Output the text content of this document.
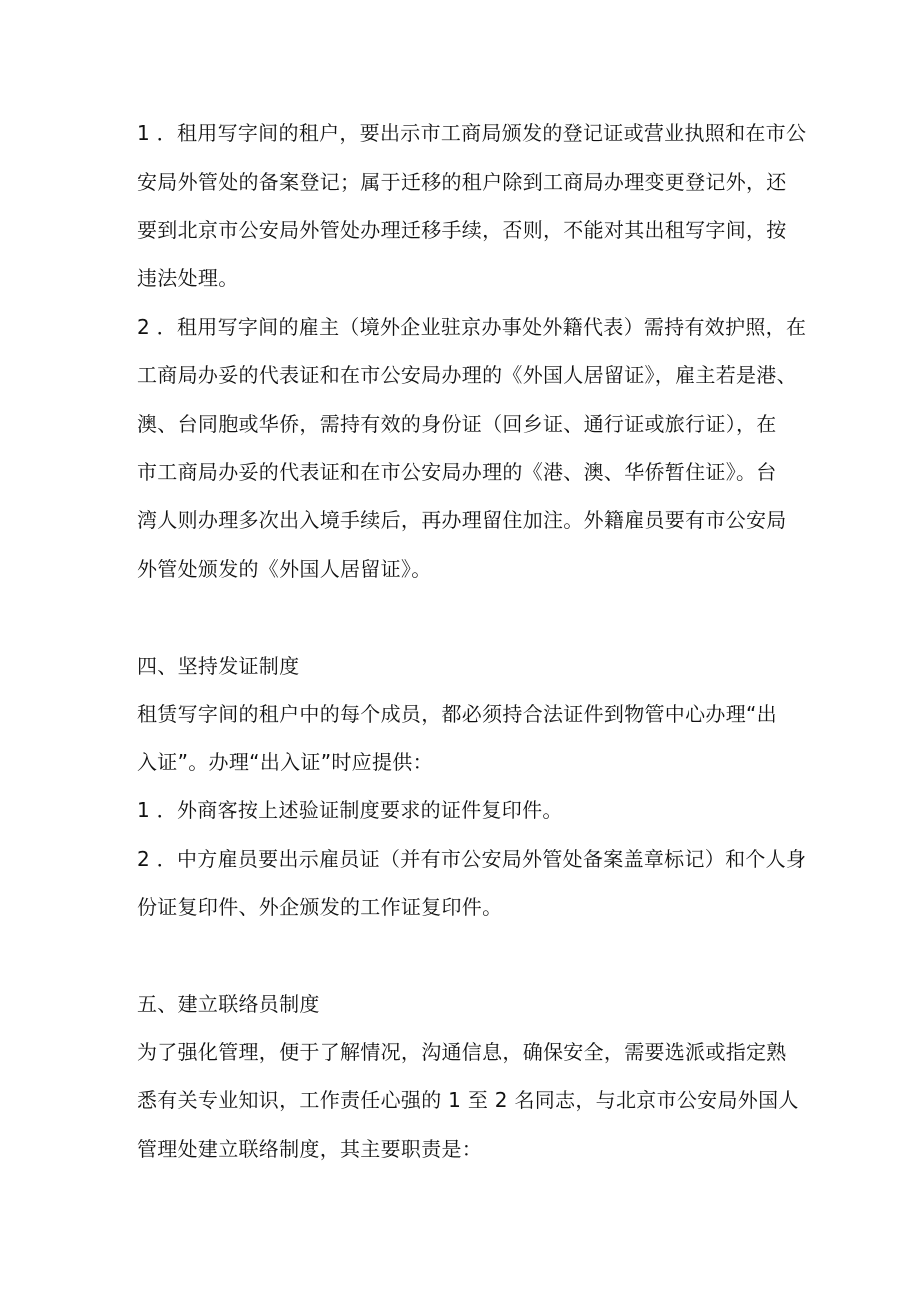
1 ．租用写字间的租户，要出示市工商局颁发的登记证或营业执照和在市公
安局外管处的备案登记；属于迁移的租户除到工商局办理变更登记外，还
要到北京市公安局外管处办理迁移手续，否则，不能对其出租写字间，按
违法处理。
2 ．租用写字间的雇主（境外企业驻京办事处外籍代表）需持有效护照，在
工商局办妥的代表证和在市公安局办理的《外国人居留证》，雇主若是港、
澳、台同胞或华侨，需持有效的身份证（回乡证、通行证或旅行证），在
市工商局办妥的代表证和在市公安局办理的《港、澳、华侨暂住证》。台
湾人则办理多次出入境手续后，再办理留住加注。外籍雇员要有市公安局
外管处颁发的《外国人居留证》。
四、坚持发证制度
租赁写字间的租户中的每个成员，都必须持合法证件到物管中心办理“出
入证”。办理“出入证”时应提供：
1 ．外商客按上述验证制度要求的证件复印件。
2 ．中方雇员要出示雇员证（并有市公安局外管处备案盖章标记）和个人身
份证复印件、外企颁发的工作证复印件。
五、建立联络员制度
为了强化管理，便于了解情况，沟通信息，确保安全，需要选派或指定熟
悉有关专业知识，工作责任心强的 1 至 2 名同志，与北京市公安局外国人
管理处建立联络制度，其主要职责是：
